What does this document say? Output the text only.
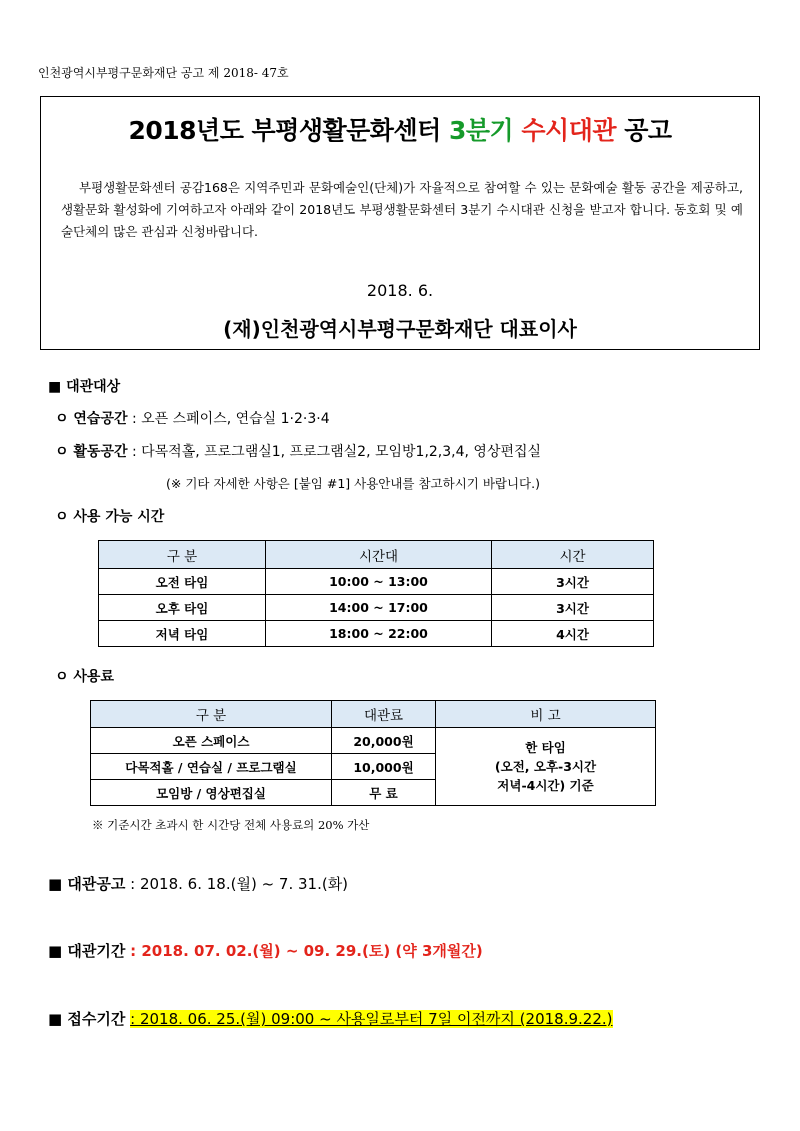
인천광역시부평구문화재단 공고 제 2018- 47호
2018년도 부평생활문화센터 3분기 수시대관 공고
부평생활문화센터 공감168은 지역주민과 문화예술인(단체)가 자율적으로 참여할 수 있는 문화예술 활동 공간을 제공하고, 생활문화 활성화에 기여하고자 아래와 같이 2018년도 부평생활문화센터 3분기 수시대관 신청을 받고자 합니다. 동호회 및 예술단체의 많은 관심과 신청바랍니다.
2018. 6.
(재)인천광역시부평구문화재단 대표이사
■ 대관대상
ㅇ 연습공간 : 오픈 스페이스, 연습실 1·2·3·4
ㅇ 활동공간 : 다목적홀, 프로그램실1, 프로그램실2, 모임방1,2,3,4, 영상편집실
(※ 기타 자세한 사항은 [붙임 #1] 사용안내를 참고하시기 바랍니다.)
ㅇ 사용 가능 시간
구 분	시간대	시간
오전 타임	10:00 ~ 13:00	3시간
오후 타임	14:00 ~ 17:00	3시간
저녁 타임	18:00 ~ 22:00	4시간
ㅇ 사용료
구 분	대관료	비 고
오픈 스페이스	20,000원	한 타임
(오전, 오후-3시간
저녁-4시간) 기준

다목적홀 / 연습실 / 프로그램실	10,000원	
모임방 / 영상편집실	무 료	
※ 기준시간 초과시 한 시간당 전체 사용료의 20% 가산
■ 대관공고 : 2018. 6. 18.(월) ~ 7. 31.(화)
■ 대관기간 : 2018. 07. 02.(월) ~ 09. 29.(토) (약 3개월간)
■ 접수기간 : 2018. 06. 25.(월) 09:00 ~ 사용일로부터 7일 이전까지 (2018.9.22.)
